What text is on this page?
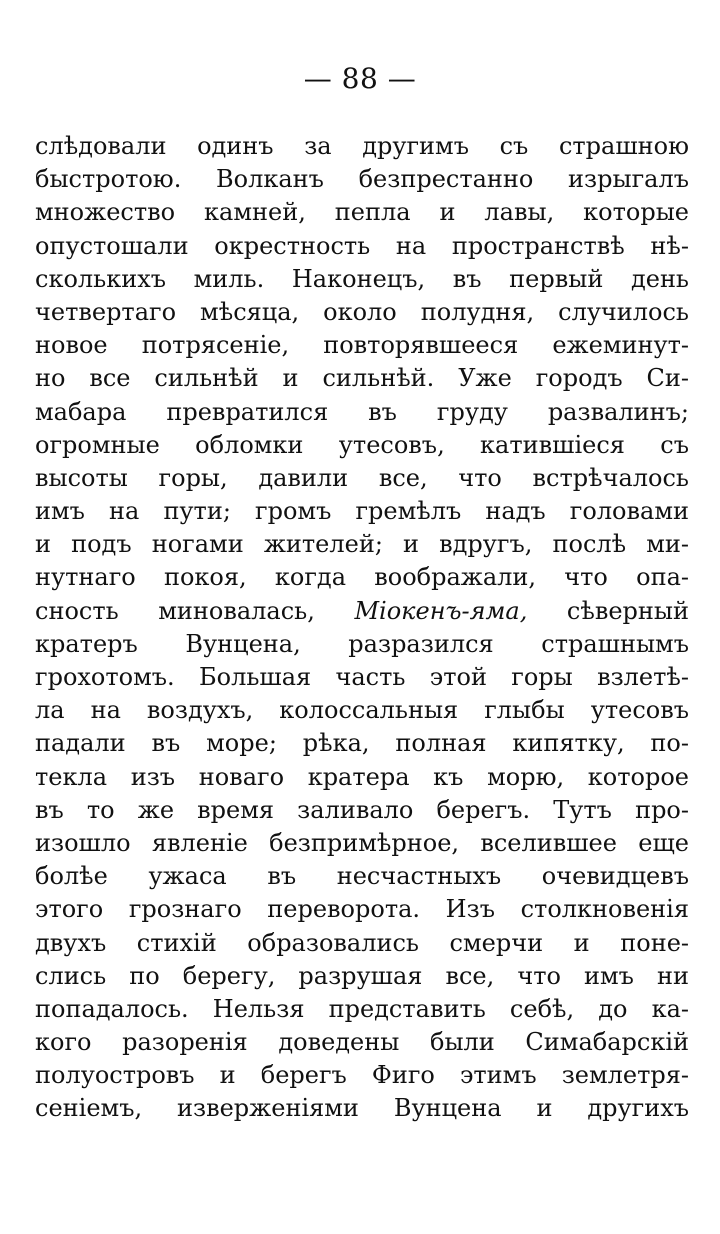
— 88 —
слѣдовали одинъ за другимъ съ страшною
быстротою. Волканъ безпрестанно изрыгалъ
множество камней, пепла и лавы, которые
опустошали окрестность на пространствѣ нѣ-
сколькихъ миль. Наконецъ, въ первый день
четвертаго мѣсяца, около полудня, случилось
новое потрясеніе, повторявшееся ежеминут-
но все сильнѣй и сильнѣй. Уже городъ Си-
мабара превратился въ груду развалинъ;
огромные обломки утесовъ, катившіеся съ
высоты горы, давили все, что встрѣчалось
имъ на пути; громъ гремѣлъ надъ головами
и подъ ногами жителей; и вдругъ, послѣ ми-
нутнаго покоя, когда воображали, что опа-
сность миновалась, Міокенъ-яма, сѣверный
кратеръ Вунцена, разразился страшнымъ
грохотомъ. Большая часть этой горы взлетѣ-
ла на воздухъ, колоссальныя глыбы утесовъ
падали въ море; рѣка, полная кипятку, по-
текла изъ новаго кратера къ морю, которое
въ то же время заливало берегъ. Тутъ про-
изошло явленіе безпримѣрное, вселившее еще
болѣе ужаса въ несчастныхъ очевидцевъ
этого грознаго переворота. Изъ столкновенія
двухъ стихій образовались смерчи и поне-
слись по берегу, разрушая все, что имъ ни
попадалось. Нельзя представить себѣ, до ка-
кого разоренія доведены были Симабарскій
полуостровъ и берегъ Фиго этимъ землетря-
сеніемъ, изверженіями Вунцена и другихъ
